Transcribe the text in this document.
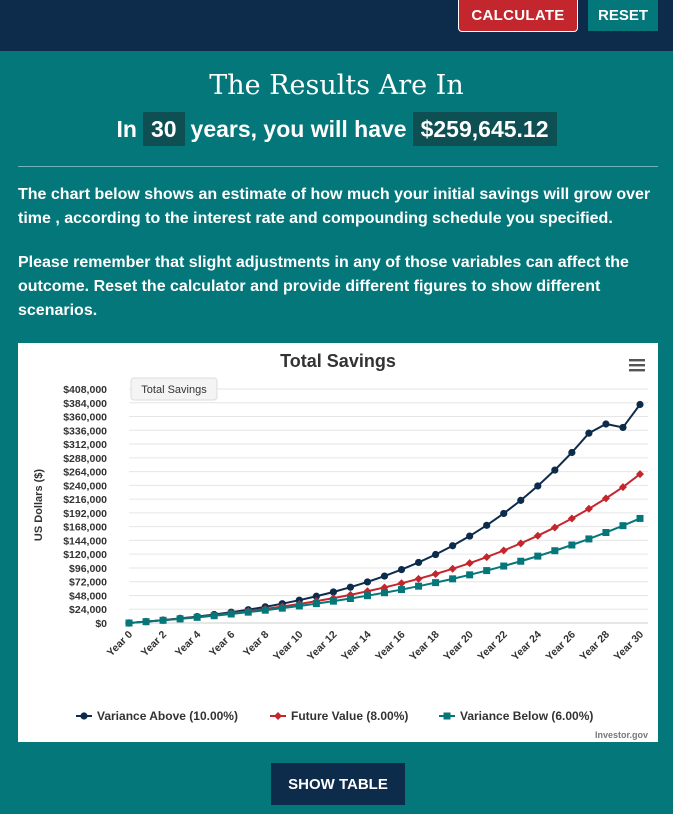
CALCULATE	RESET
The Results Are In
In 30 years, you will have $259,645.12

The chart below shows an estimate of how much your initial savings will grow over time , according to the interest rate and compounding schedule you specified.

Please remember that slight adjustments in any of those variables can affect the outcome. Reset the calculator and provide different figures to show different scenarios.

Total Savings
$0
$24,000
$48,000
$72,000
$96,000
$120,000
$144,000
$168,000
$192,000
$216,000
$240,000
$264,000
$288,000
$312,000
$336,000
$360,000
$384,000
$408,000
Year 0 Year 2 Year 4 Year 6 Year 8 Year 10 Year 12 Year 14 Year 16 Year 18 Year 20 Year 22 Year 24 Year 26 Year 28 Year 30
US Dollars ($)
Total Savings
Variance Above (10.00%)	Future Value (8.00%)	Variance Below (6.00%)
Investor.gov
SHOW TABLE
